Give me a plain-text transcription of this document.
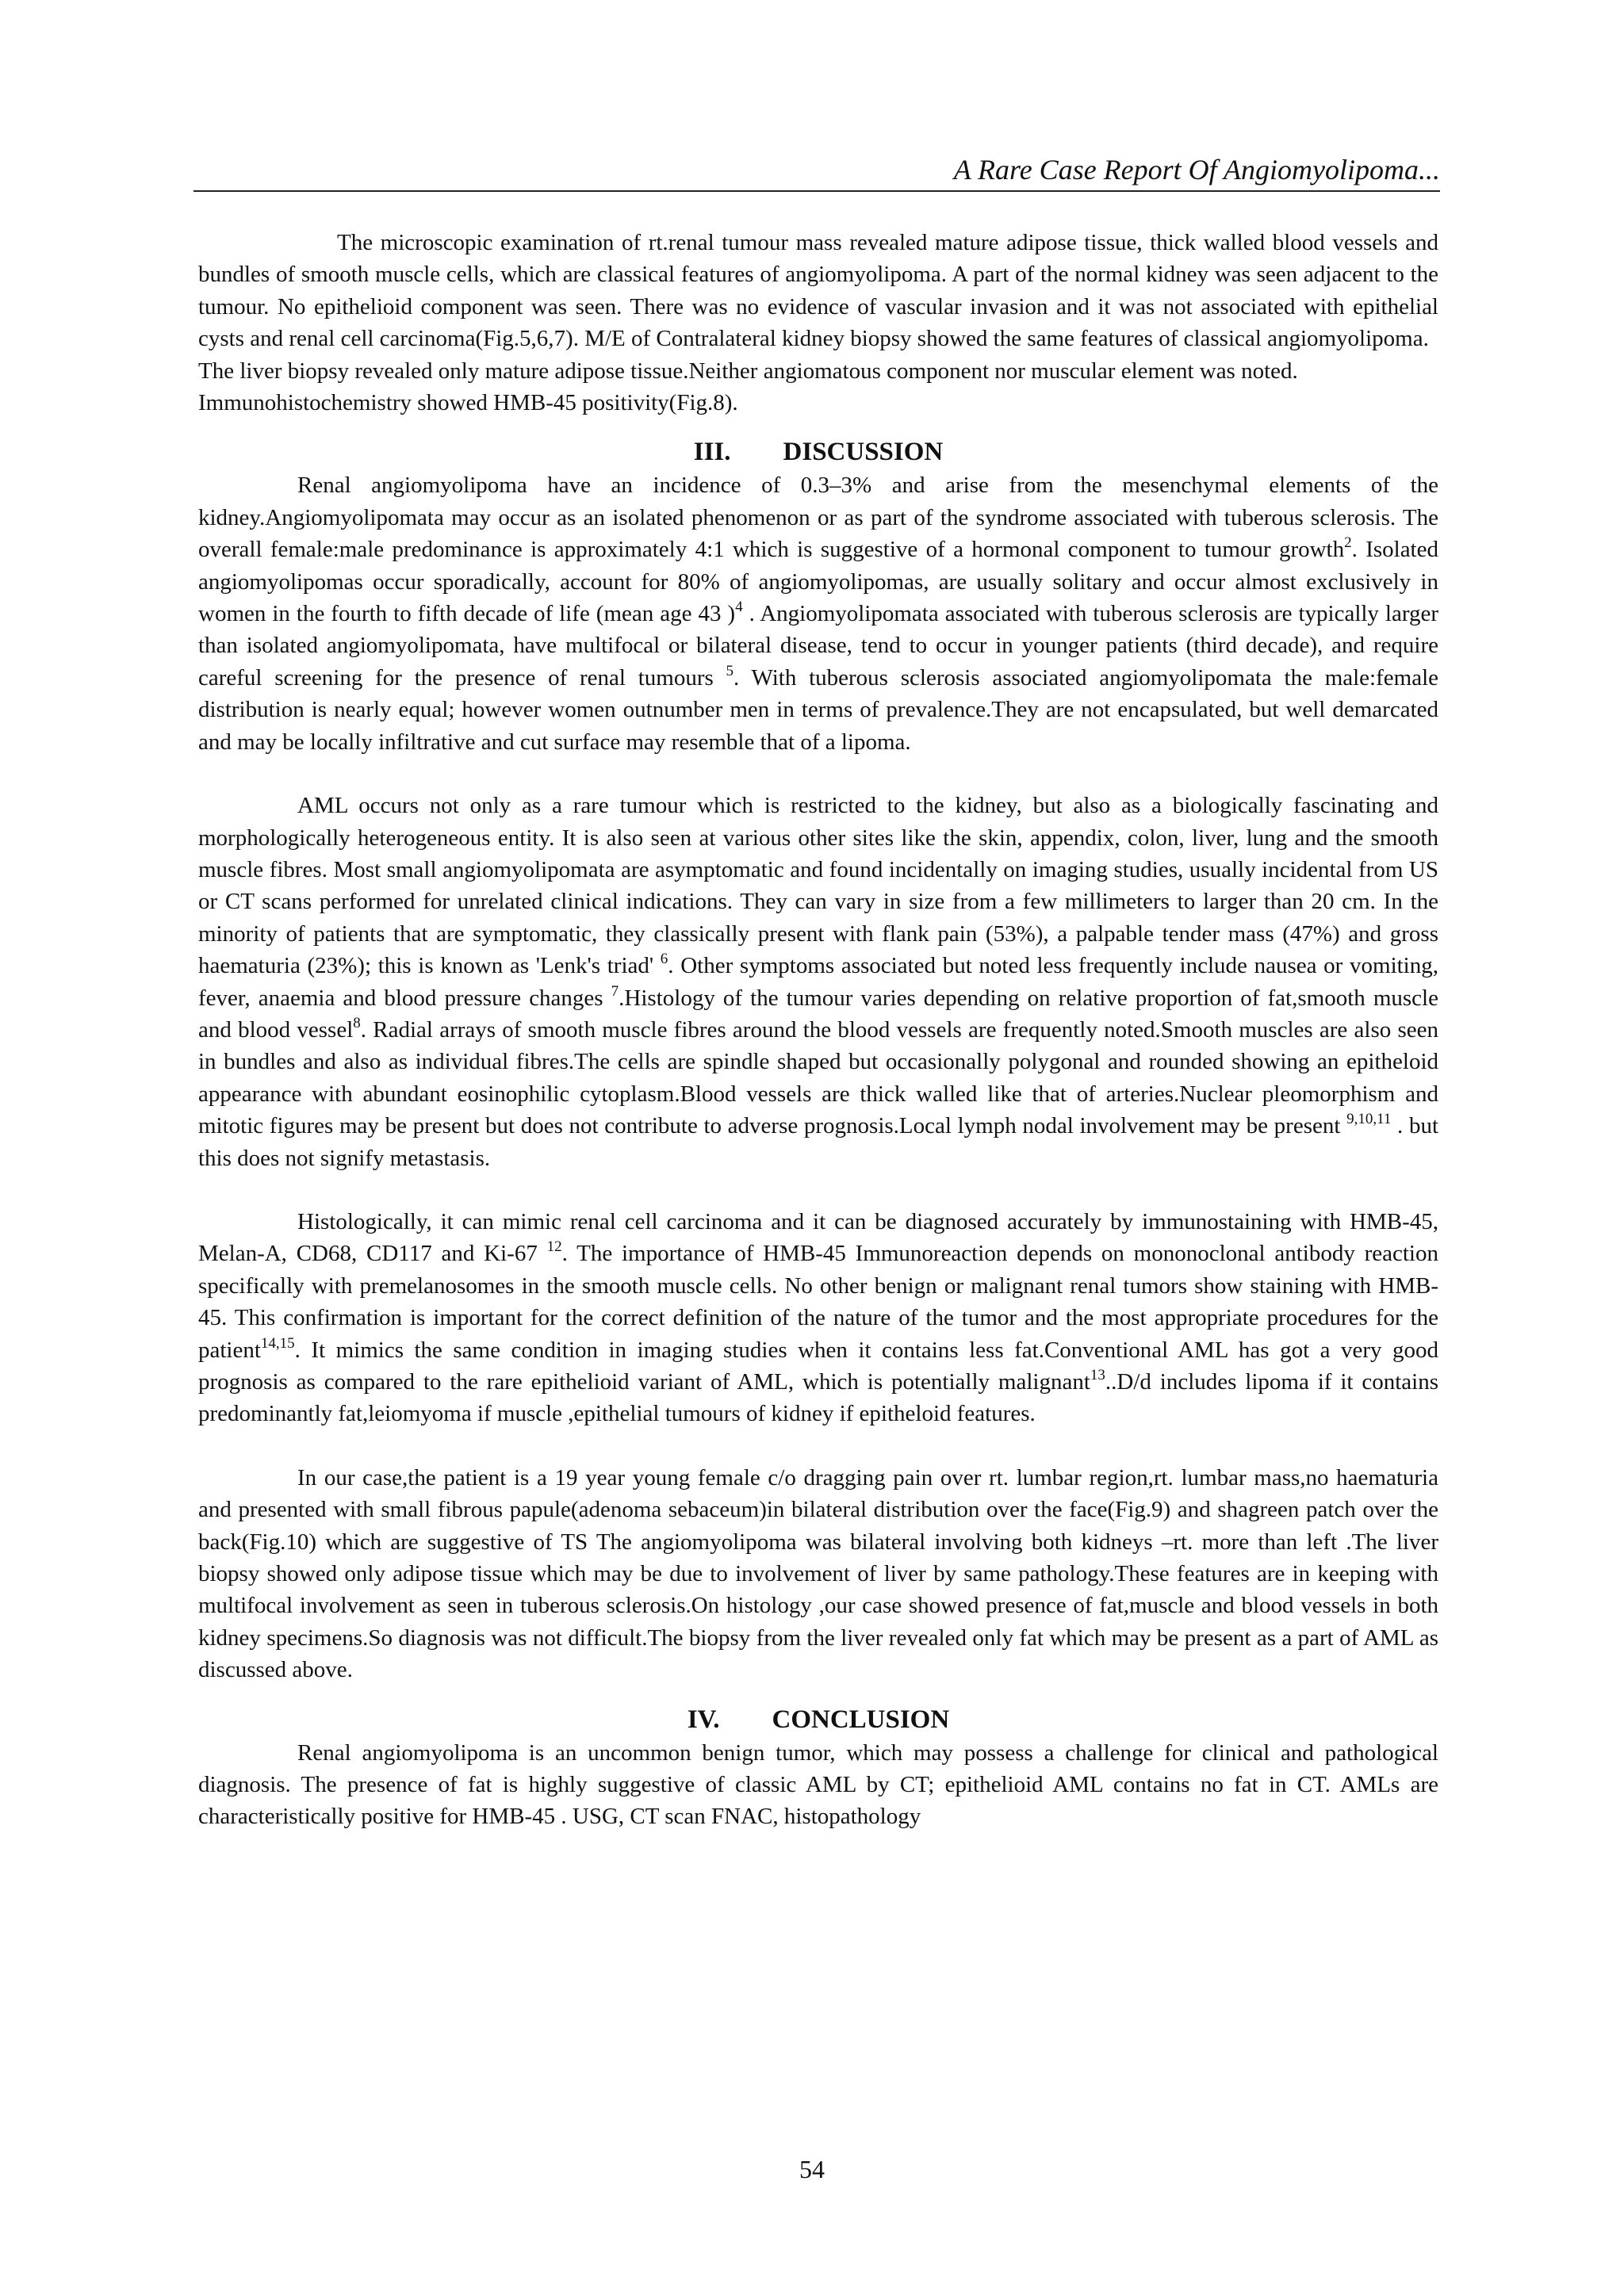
A Rare Case Report Of Angiomyolipoma...

The microscopic examination of rt.renal tumour mass revealed mature adipose tissue, thick walled blood vessels and bundles of smooth muscle cells, which are classical features of angiomyolipoma. A part of the normal kidney was seen adjacent to the tumour. No epithelioid component was seen. There was no evidence of vascular invasion and it was not associated with epithelial cysts and renal cell carcinoma(Fig.5,6,7). M/E of Contralateral kidney biopsy showed the same features of classical angiomyolipoma.

The liver biopsy revealed only mature adipose tissue.Neither angiomatous component nor muscular element was noted.

Immunohistochemistry showed HMB-45 positivity(Fig.8).

III. DISCUSSION

Renal angiomyolipoma have an incidence of 0.3–3% and arise from the mesenchymal elements of the kidney.Angiomyolipomata may occur as an isolated phenomenon or as part of the syndrome associated with tuberous sclerosis. The overall female:male predominance is approximately 4:1 which is suggestive of a hormonal component to tumour growth$^2$. Isolated angiomyolipomas occur sporadically, account for 80% of angiomyolipomas, are usually solitary and occur almost exclusively in women in the fourth to fifth decade of life (mean age 43 )$^4$ . Angiomyolipomata associated with tuberous sclerosis are typically larger than isolated angiomyolipomata, have multifocal or bilateral disease, tend to occur in younger patients (third decade), and require careful screening for the presence of renal tumours $^5$. With tuberous sclerosis associated angiomyolipomata the male:female distribution is nearly equal; however women outnumber men in terms of prevalence.They are not encapsulated, but well demarcated and may be locally infiltrative and cut surface may resemble that of a lipoma.

AML occurs not only as a rare tumour which is restricted to the kidney, but also as a biologically fascinating and morphologically heterogeneous entity. It is also seen at various other sites like the skin, appendix, colon, liver, lung and the smooth muscle fibres. Most small angiomyolipomata are asymptomatic and found incidentally on imaging studies, usually incidental from US or CT scans performed for unrelated clinical indications. They can vary in size from a few millimeters to larger than 20 cm. In the minority of patients that are symptomatic, they classically present with flank pain (53%), a palpable tender mass (47%) and gross haematuria (23%); this is known as 'Lenk's triad' $^6$. Other symptoms associated but noted less frequently include nausea or vomiting, fever, anaemia and blood pressure changes $^7$.Histology of the tumour varies depending on relative proportion of fat,smooth muscle and blood vessel$^8$. Radial arrays of smooth muscle fibres around the blood vessels are frequently noted.Smooth muscles are also seen in bundles and also as individual fibres.The cells are spindle shaped but occasionally polygonal and rounded showing an epitheloid appearance with abundant eosinophilic cytoplasm.Blood vessels are thick walled like that of arteries.Nuclear pleomorphism and mitotic figures may be present but does not contribute to adverse prognosis.Local lymph nodal involvement may be present $^{9,10,11}$ . but this does not signify metastasis.

Histologically, it can mimic renal cell carcinoma and it can be diagnosed accurately by immunostaining with HMB-45, Melan-A, CD68, CD117 and Ki-67 $^{12}$. The importance of HMB-45 Immunoreaction depends on mononoclonal antibody reaction specifically with premelanosomes in the smooth muscle cells. No other benign or malignant renal tumors show staining with HMB-45. This confirmation is important for the correct definition of the nature of the tumor and the most appropriate procedures for the patient$^{14,15}$. It mimics the same condition in imaging studies when it contains less fat.Conventional AML has got a very good prognosis as compared to the rare epithelioid variant of AML, which is potentially malignant$^{13}$..D/d includes lipoma if it contains predominantly fat,leiomyoma if muscle ,epithelial tumours of kidney if epitheloid features.

In our case,the patient is a 19 year young female c/o dragging pain over rt. lumbar region,rt. lumbar mass,no haematuria and presented with small fibrous papule(adenoma sebaceum)in bilateral distribution over the face(Fig.9) and shagreen patch over the back(Fig.10) which are suggestive of TS The angiomyolipoma was bilateral involving both kidneys –rt. more than left .The liver biopsy showed only adipose tissue which may be due to involvement of liver by same pathology.These features are in keeping with multifocal involvement as seen in tuberous sclerosis.On histology ,our case showed presence of fat,muscle and blood vessels in both kidney specimens.So diagnosis was not difficult.The biopsy from the liver revealed only fat which may be present as a part of AML as discussed above.

IV. CONCLUSION

Renal angiomyolipoma is an uncommon benign tumor, which may possess a challenge for clinical and pathological diagnosis. The presence of fat is highly suggestive of classic AML by CT; epithelioid AML contains no fat in CT. AMLs are characteristically positive for HMB-45 . USG, CT scan FNAC, histopathology

54
